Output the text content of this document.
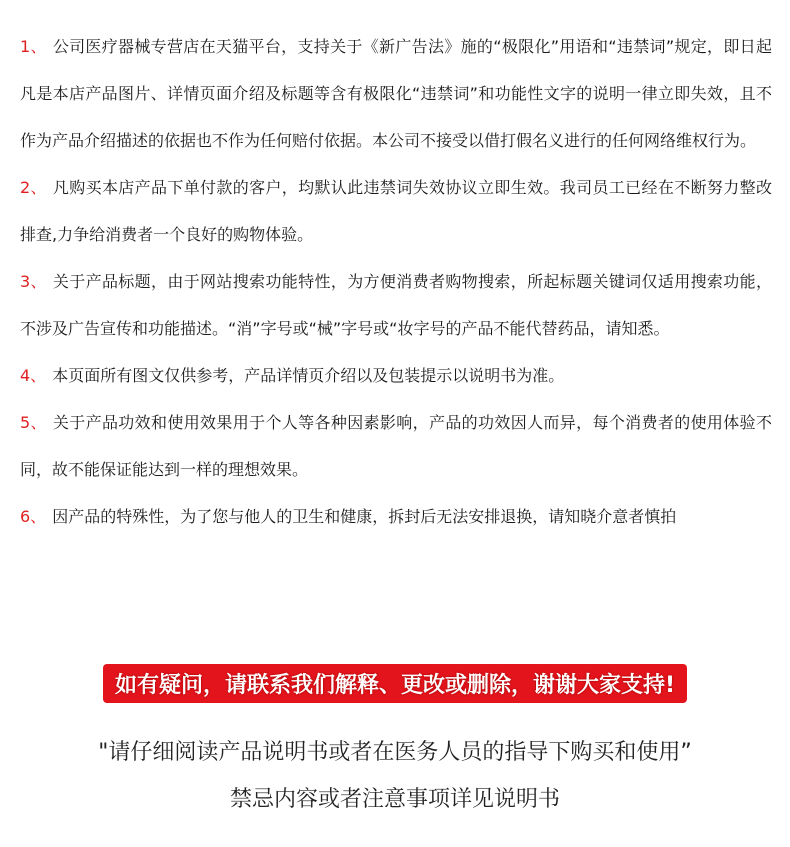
1、 公司医疗器械专营店在天猫平台，支持关于《新广告法》施的“极限化”用语和“违禁词”规定，即日起凡是本店产品图片、详情页面介绍及标题等含有极限化“违禁词”和功能性文字的说明一律立即失效，且不作为产品介绍描述的依据也不作为任何赔付依据。本公司不接受以借打假名义进行的任何网络维权行为。

2、 凡购买本店产品下单付款的客户，均默认此违禁词失效协议立即生效。我司员工已经在不断努力整改排查,力争给消费者一个良好的购物体验。

3、 关于产品标题，由于网站搜索功能特性，为方便消费者购物搜索，所起标题关键词仅适用搜索功能，不涉及广告宣传和功能描述。“消”字号或“械”字号或“妆字号的产品不能代替药品，请知悉。

4、 本页面所有图文仅供参考，产品详情页介绍以及包装提示以说明书为准。

5、 关于产品功效和使用效果用于个人等各种因素影响，产品的功效因人而异，每个消费者的使用体验不同，故不能保证能达到一样的理想效果。

6、 因产品的特殊性，为了您与他人的卫生和健康，拆封后无法安排退换，请知晓介意者慎拍

如有疑问，请联系我们解释、更改或删除，谢谢大家支持!
"请仔细阅读产品说明书或者在医务人员的指导下购买和使用”
禁忌内容或者注意事项详见说明书
